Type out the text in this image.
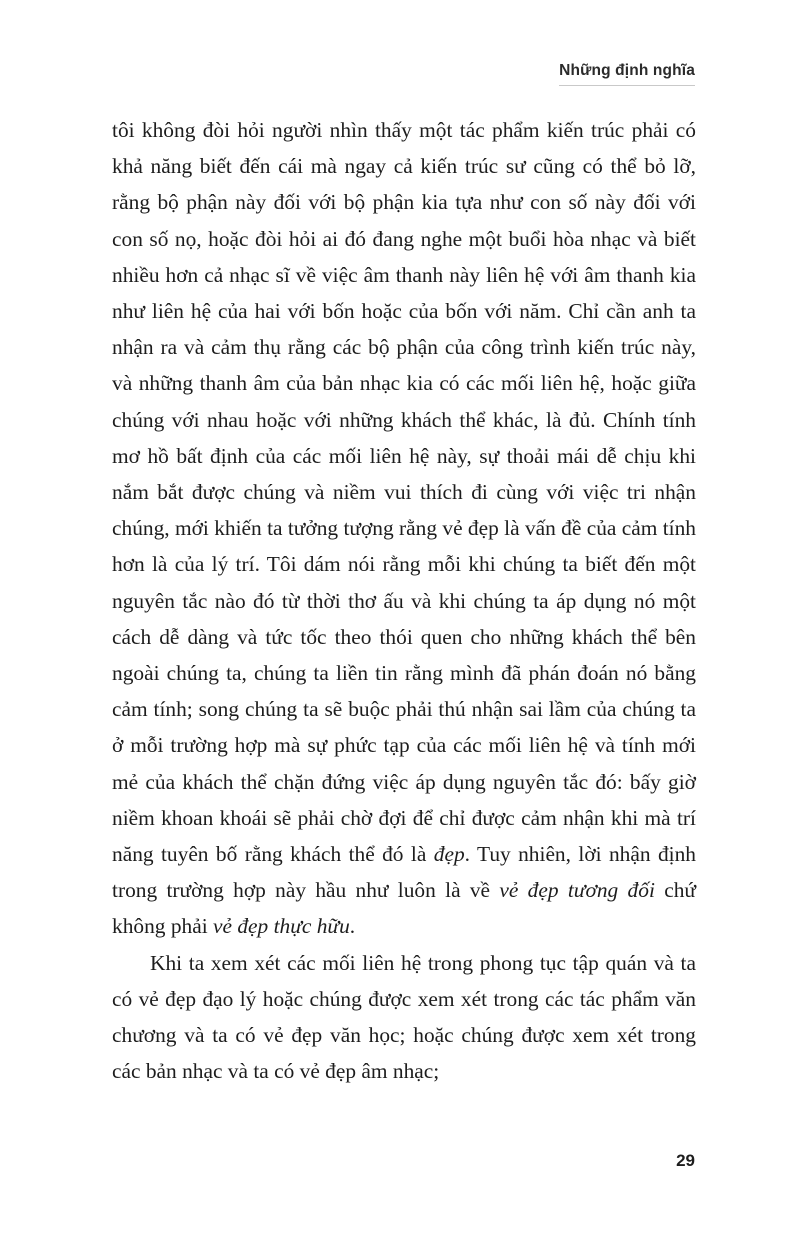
Những định nghĩa

tôi không đòi hỏi người nhìn thấy một tác phẩm kiến trúc phải có khả năng biết đến cái mà ngay cả kiến trúc sư cũng có thể bỏ lỡ, rằng bộ phận này đối với bộ phận kia tựa như con số này đối với con số nọ, hoặc đòi hỏi ai đó đang nghe một buổi hòa nhạc và biết nhiều hơn cả nhạc sĩ về việc âm thanh này liên hệ với âm thanh kia như liên hệ của hai với bốn hoặc của bốn với năm. Chỉ cần anh ta nhận ra và cảm thụ rằng các bộ phận của công trình kiến trúc này, và những thanh âm của bản nhạc kia có các mối liên hệ, hoặc giữa chúng với nhau hoặc với những khách thể khác, là đủ. Chính tính mơ hồ bất định của các mối liên hệ này, sự thoải mái dễ chịu khi nắm bắt được chúng và niềm vui thích đi cùng với việc tri nhận chúng, mới khiến ta tưởng tượng rằng vẻ đẹp là vấn đề của cảm tính hơn là của lý trí. Tôi dám nói rằng mỗi khi chúng ta biết đến một nguyên tắc nào đó từ thời thơ ấu và khi chúng ta áp dụng nó một cách dễ dàng và tức tốc theo thói quen cho những khách thể bên ngoài chúng ta, chúng ta liền tin rằng mình đã phán đoán nó bằng cảm tính; song chúng ta sẽ buộc phải thú nhận sai lầm của chúng ta ở mỗi trường hợp mà sự phức tạp của các mối liên hệ và tính mới mẻ của khách thể chặn đứng việc áp dụng nguyên tắc đó: bấy giờ niềm khoan khoái sẽ phải chờ đợi để chỉ được cảm nhận khi mà trí năng tuyên bố rằng khách thể đó là đẹp. Tuy nhiên, lời nhận định trong trường hợp này hầu như luôn là về vẻ đẹp tương đối chứ không phải vẻ đẹp thực hữu.

Khi ta xem xét các mối liên hệ trong phong tục tập quán và ta có vẻ đẹp đạo lý hoặc chúng được xem xét trong các tác phẩm văn chương và ta có vẻ đẹp văn học; hoặc chúng được xem xét trong các bản nhạc và ta có vẻ đẹp âm nhạc;

29
